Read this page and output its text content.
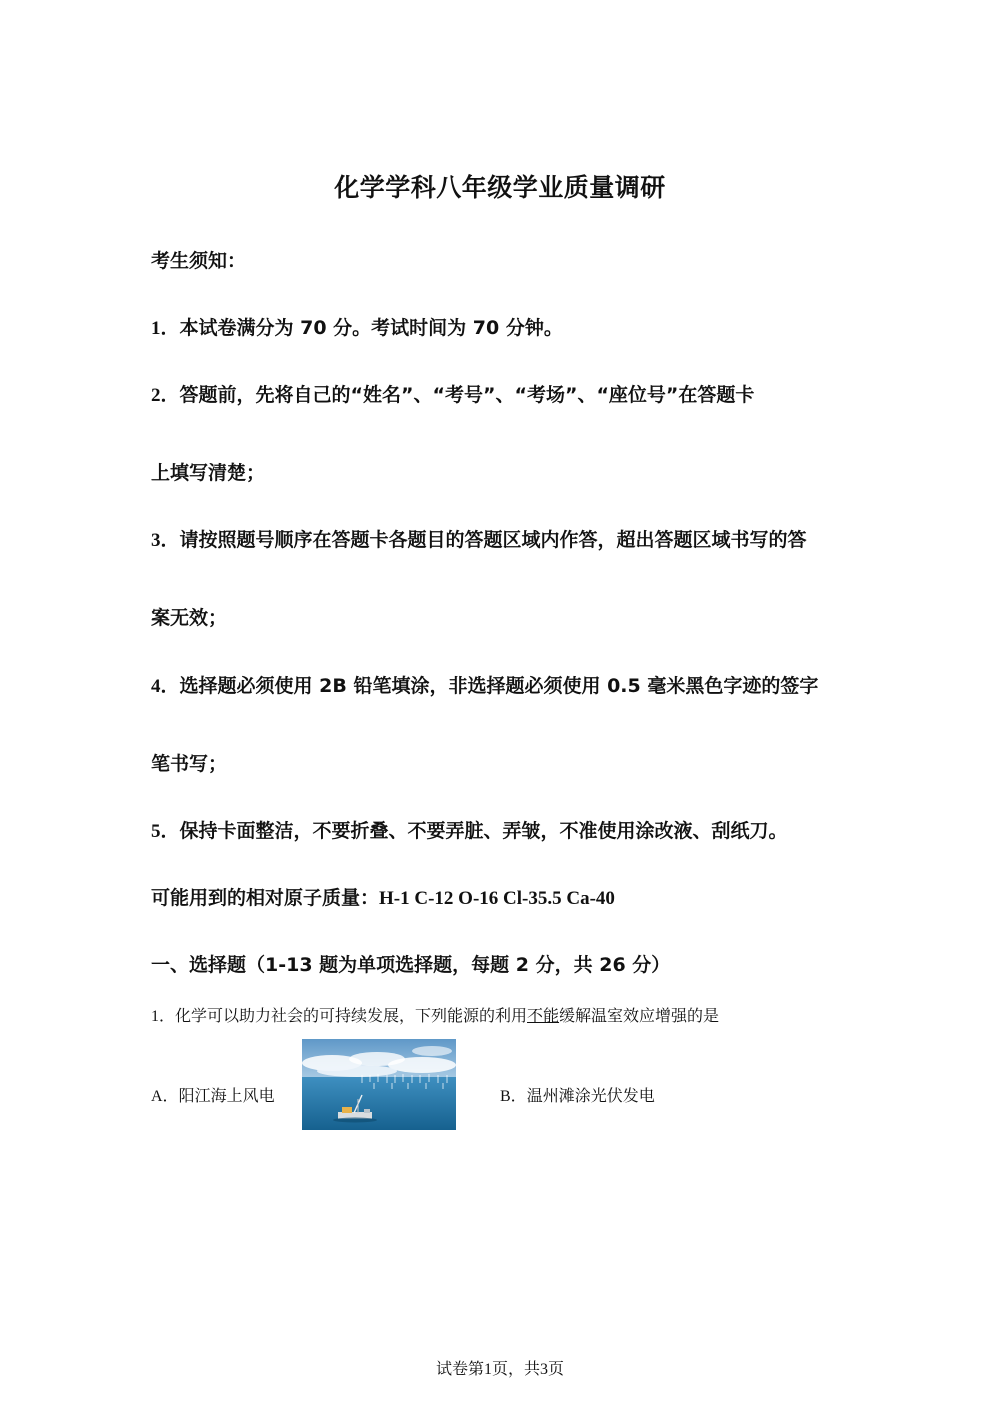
化学学科八年级学业质量调研
考生须知：
1．本试卷满分为 70 分。考试时间为 70 分钟。
2．答题前，先将自己的“姓名”、“考号”、“考场”、“座位号”在答题卡
上填写清楚；
3．请按照题号顺序在答题卡各题目的答题区域内作答，超出答题区域书写的答
案无效；
4．选择题必须使用 2B 铅笔填涂，非选择题必须使用 0.5 毫米黑色字迹的签字
笔书写；
5．保持卡面整洁，不要折叠、不要弄脏、弄皱，不准使用涂改液、刮纸刀。
可能用到的相对原子质量：H-1 C-12 O-16 Cl-35.5 Ca-40
一、选择题（1-13 题为单项选择题，每题 2 分，共 26 分）
1．化学可以助力社会的可持续发展，下列能源的利用不能缓解温室效应增强的是
A．阳江海上风电	B．温州滩涂光伏发电
试卷第1页，共3页
